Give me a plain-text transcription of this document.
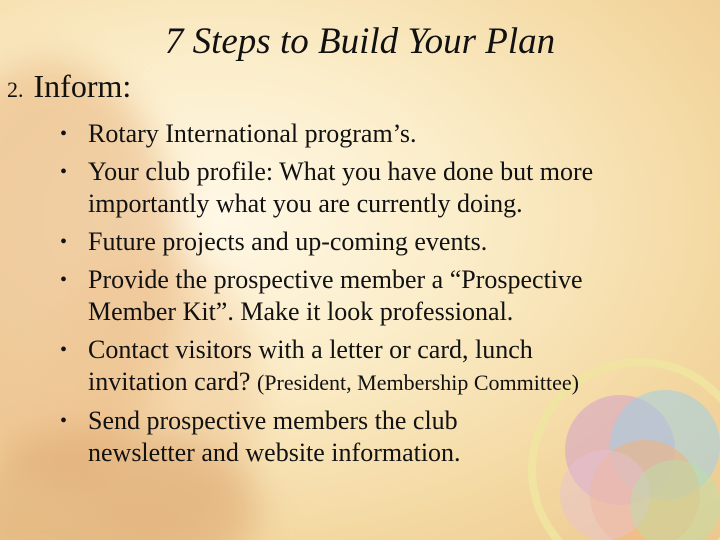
7 Steps to Build Your Plan
2. Inform:
• Rotary International program’s.
• Your club profile: What you have done but more
importantly what you are currently doing.
• Future projects and up-coming events.
• Provide the prospective member a “Prospective
Member Kit”. Make it look professional.
• Contact visitors with a letter or card, lunch
invitation card? (President, Membership Committee)
• Send prospective members the club
newsletter and website information.
